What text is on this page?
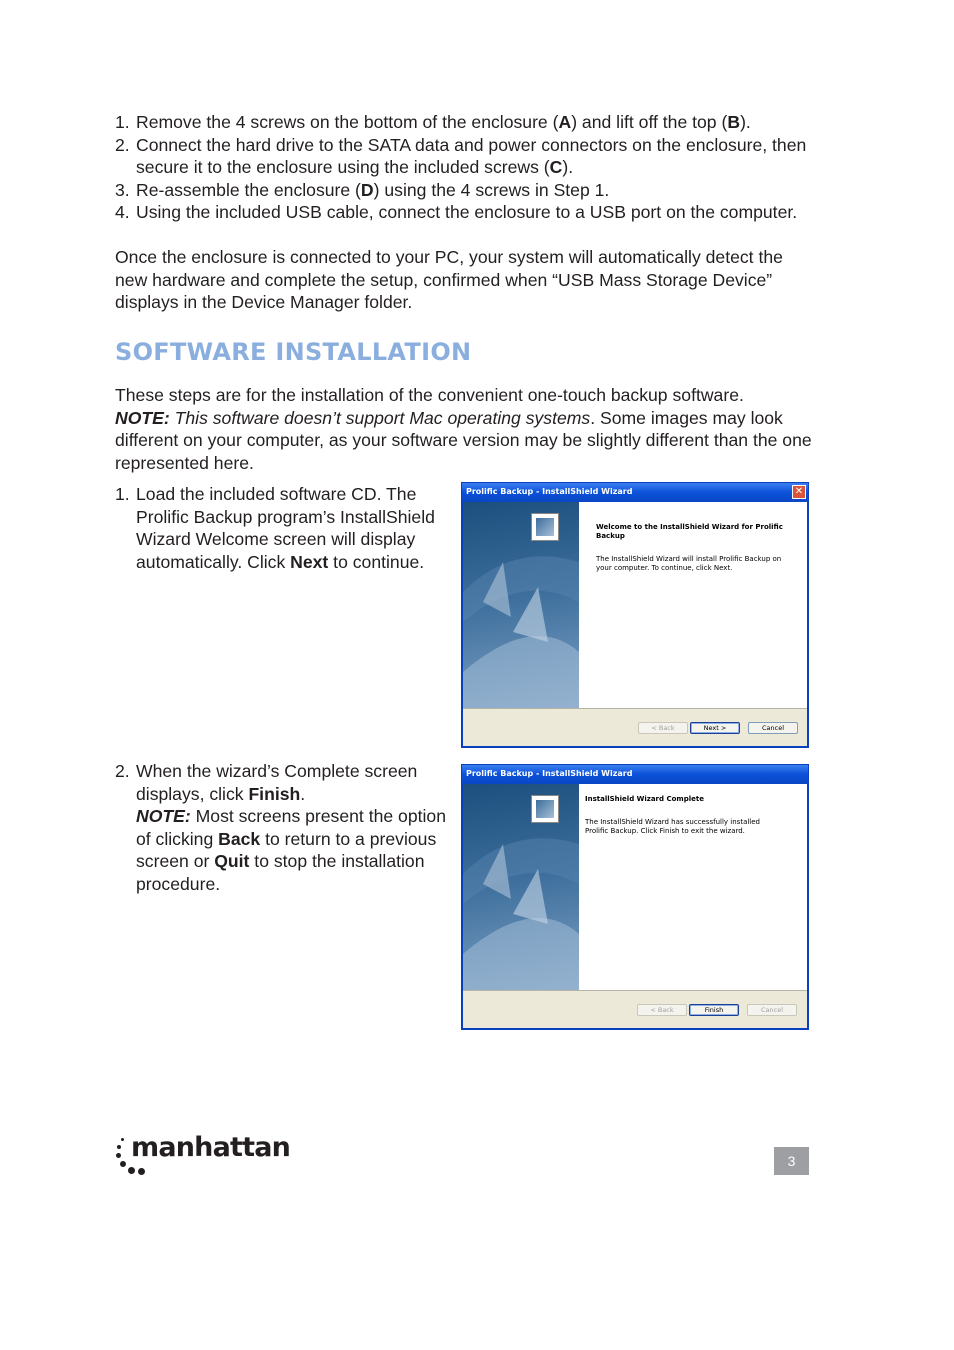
1. Remove the 4 screws on the bottom of the enclosure (A) and lift off the top (B).
2. Connect the hard drive to the SATA data and power connectors on the enclosure, then secure it to the enclosure using the included screws (C).
3. Re-assemble the enclosure (D) using the 4 screws in Step 1.
4. Using the included USB cable, connect the enclosure to a USB port on the computer.
Once the enclosure is connected to your PC, your system will automatically detect the new hardware and complete the setup, confirmed when “USB Mass Storage Device” displays in the Device Manager folder.
SOFTWARE INSTALLATION
These steps are for the installation of the convenient one-touch backup software.
NOTE: This software doesn’t support Mac operating systems. Some images may look different on your computer, as your software version may be slightly different than the one represented here.
1. Load the included software CD. The Prolific Backup program’s InstallShield Wizard Welcome screen will display automatically. Click Next to continue.
Prolific Backup - InstallShield Wizard	✕
Welcome to the InstallShield Wizard for Prolific Backup
The InstallShield Wizard will install Prolific Backup on your computer. To continue, click Next.
< Back	Next >	Cancel
2. When the wizard’s Complete screen displays, click Finish.
NOTE: Most screens present the option of clicking Back to return to a previous screen or Quit to stop the installation procedure.
Prolific Backup - InstallShield Wizard
InstallShield Wizard Complete
The InstallShield Wizard has successfully installed Prolific Backup. Click Finish to exit the wizard.
< Back	Finish	Cancel
manhattan	3
